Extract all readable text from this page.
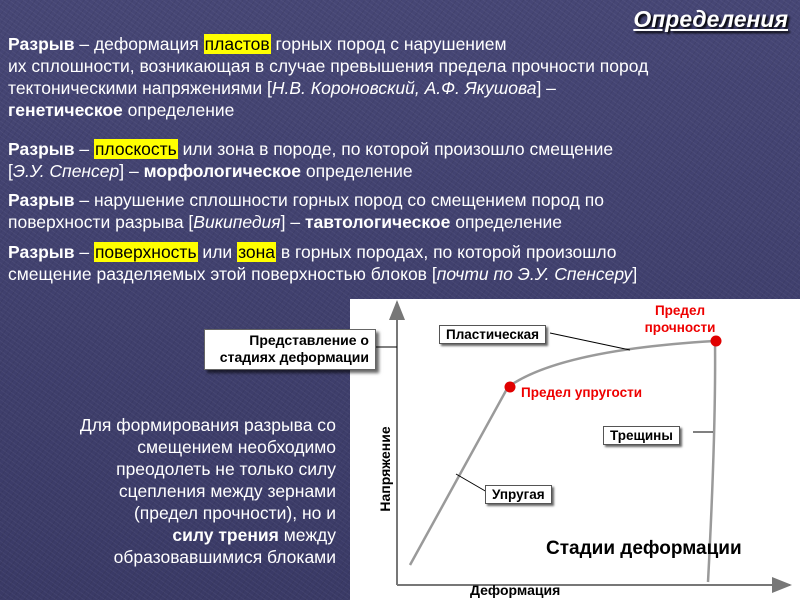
Определения
Разрыв – деформация пластов горных пород с нарушением
их сплошности, возникающая в случае превышения предела прочности пород
тектоническими напряжениями [Н.В. Короновский, А.Ф. Якушова] –
генетическое определение
Разрыв – плоскость или зона в породе, по которой произошло смещение
[Э.У. Спенсер] – морфологическое определение
Разрыв – нарушение сплошности горных пород со смещением пород по
поверхности разрыва [Википедия] – тавтологическое определение
Разрыв – поверхность или зона в горных породах, по которой произошло
смещение разделяемых этой поверхностью блоков [почти по Э.У. Спенсеру]
Пластическая
Упругая
Трещины
Предел упругости
Предел
прочности
Стадии деформации
Напряжение
Деформация
Представление о
стадиях деформации
Для формирования разрыва со
смещением необходимо
преодолеть не только силу
сцепления между зернами
(предел прочности), но и
силу трения между
образовавшимися блоками
